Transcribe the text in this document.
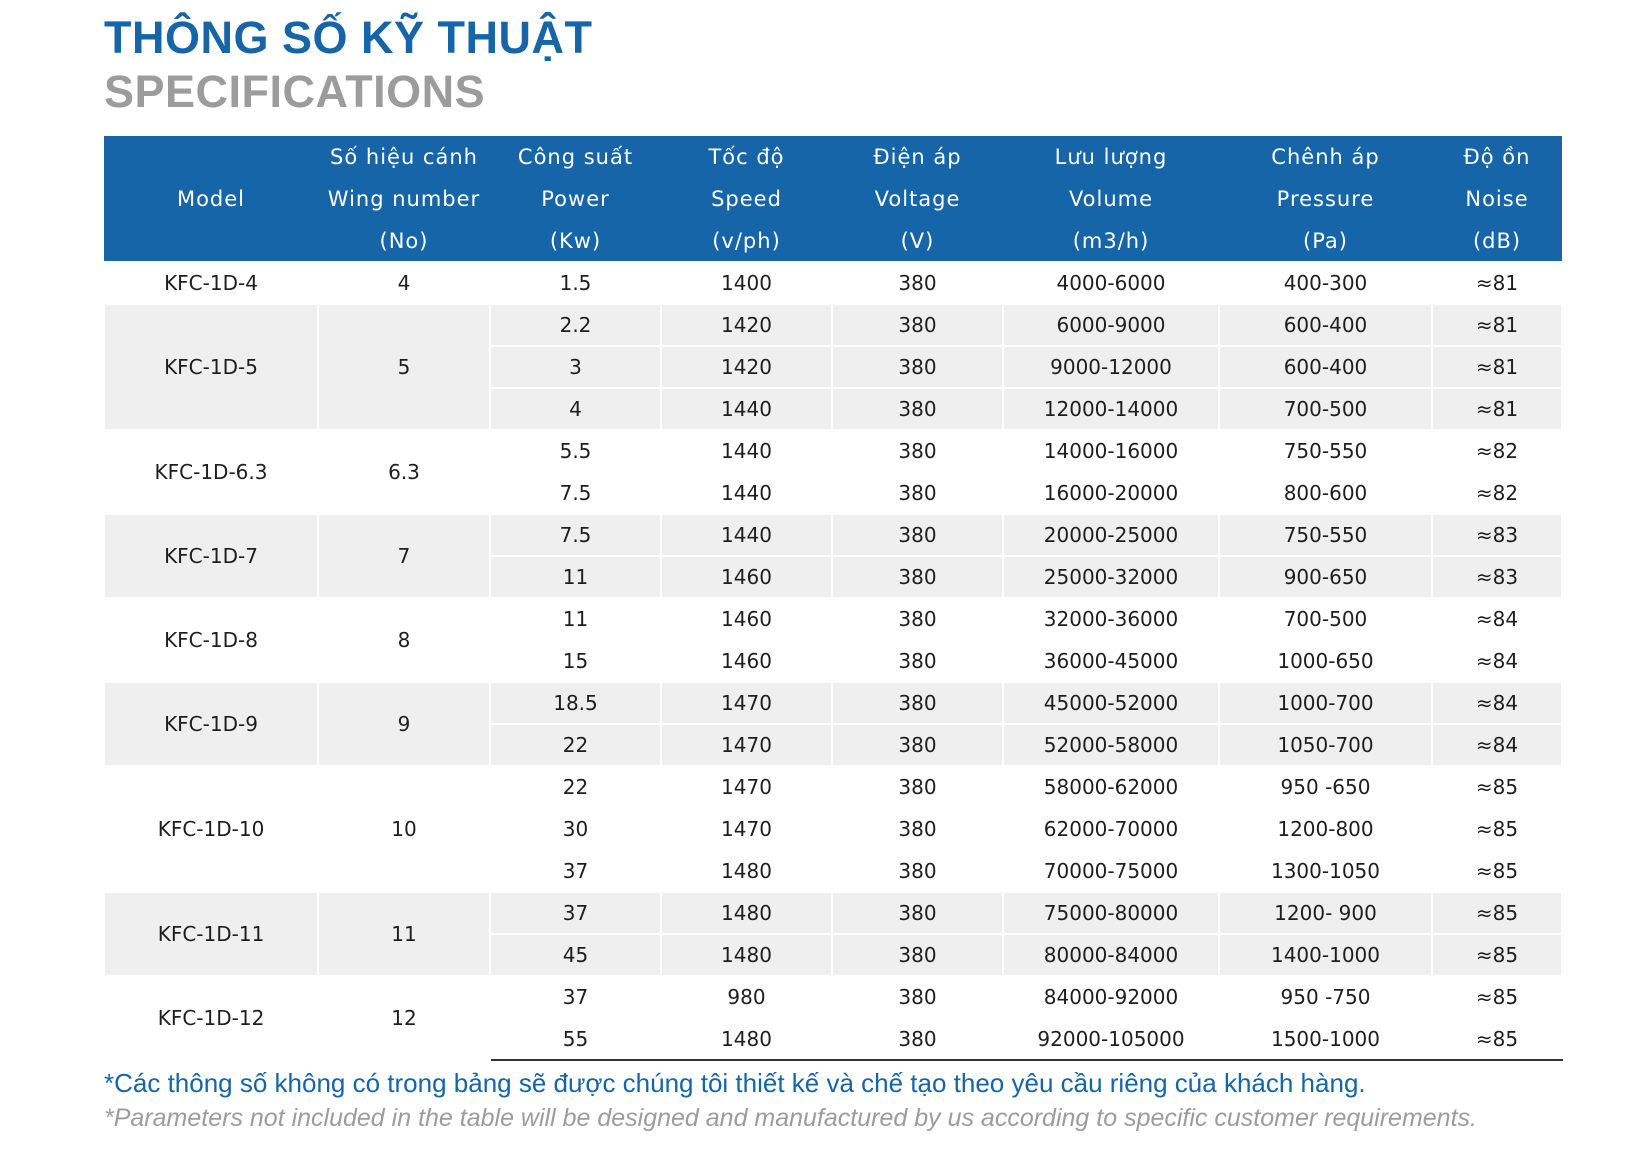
THÔNG SỐ KỸ THUẬT
SPECIFICATIONS
	Số hiệu cánh	Công suất	Tốc độ	Điện áp	Lưu lượng	Chênh áp	Độ ồn
Model	Wing number	Power	Speed	Voltage	Volume	Pressure	Noise
	(No)	(Kw)	(v/ph)	(V)	(m3/h)	(Pa)	(dB)
KFC-1D-4	4	1.5	1400	380	4000-6000	400-300	≈81
KFC-1D-5	5	2.2	1420	380	6000-9000	600-400	≈81
		3	1420	380	9000-12000	600-400	≈81
		4	1440	380	12000-14000	700-500	≈81
KFC-1D-6.3	6.3	5.5	1440	380	14000-16000	750-550	≈82
		7.5	1440	380	16000-20000	800-600	≈82
KFC-1D-7	7	7.5	1440	380	20000-25000	750-550	≈83
		11	1460	380	25000-32000	900-650	≈83
KFC-1D-8	8	11	1460	380	32000-36000	700-500	≈84
		15	1460	380	36000-45000	1000-650	≈84
KFC-1D-9	9	18.5	1470	380	45000-52000	1000-700	≈84
		22	1470	380	52000-58000	1050-700	≈84
KFC-1D-10	10	22	1470	380	58000-62000	950 -650	≈85
		30	1470	380	62000-70000	1200-800	≈85
		37	1480	380	70000-75000	1300-1050	≈85
KFC-1D-11	11	37	1480	380	75000-80000	1200- 900	≈85
		45	1480	380	80000-84000	1400-1000	≈85
KFC-1D-12	12	37	980	380	84000-92000	950 -750	≈85
		55	1480	380	92000-105000	1500-1000	≈85
*Các thông số không có trong bảng sẽ được chúng tôi thiết kế và chế tạo theo yêu cầu riêng của khách hàng.
*Parameters not included in the table will be designed and manufactured by us according to specific customer requirements.
